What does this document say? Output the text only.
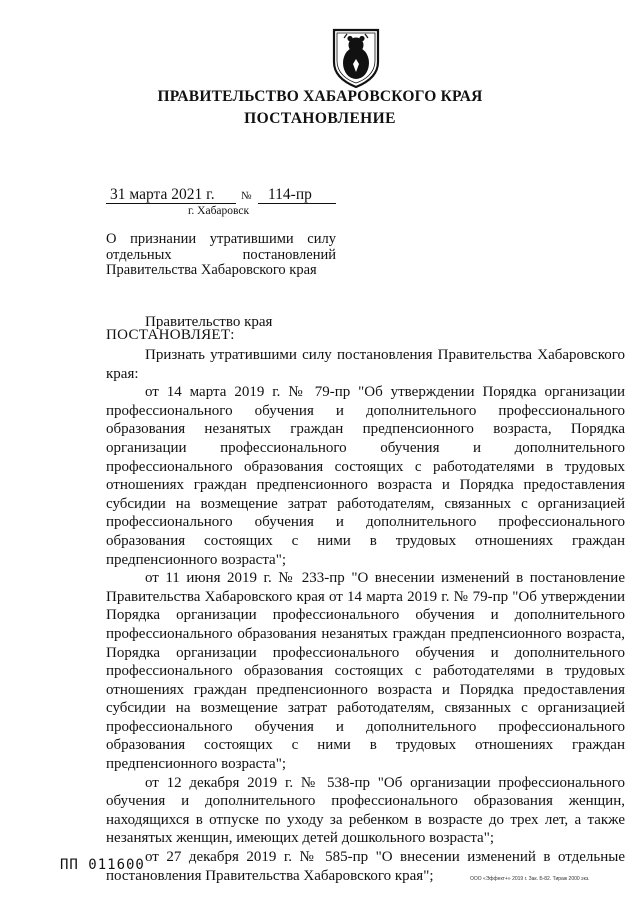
ПРАВИТЕЛЬСТВО ХАБАРОВСКОГО КРАЯ
ПОСТАНОВЛЕНИЕ
31 марта 2021 г. № 114-пр
г. Хабаровск
О признании утратившими силу отдельных постановлений Правительства Хабаровского края
Правительство края
ПОСТАНОВЛЯЕТ:

Признать утратившими силу постановления Правительства Хабаровского края:

от 14 марта 2019 г. № 79-пр "Об утверждении Порядка организации профессионального обучения и дополнительного профессионального образования незанятых граждан предпенсионного возраста, Порядка организации профессионального обучения и дополнительного профессионального образования состоящих с работодателями в трудовых отношениях граждан предпенсионного возраста и Порядка предоставления субсидии на возмещение затрат работодателям, связанных с организацией профессионального обучения и дополнительного профессионального образования состоящих с ними в трудовых отношениях граждан предпенсионного возраста";

от 11 июня 2019 г. № 233-пр "О внесении изменений в постановление Правительства Хабаровского края от 14 марта 2019 г. № 79-пр "Об утверждении Порядка организации профессионального обучения и дополнительного профессионального образования незанятых граждан предпенсионного возраста, Порядка организации профессионального обучения и дополнительного профессионального образования состоящих с работодателями в трудовых отношениях граждан предпенсионного возраста и Порядка предоставления субсидии на возмещение затрат работодателям, связанных с организацией профессионального обучения и дополнительного профессионального образования состоящих с ними в трудовых отношениях граждан предпенсионного возраста";

от 12 декабря 2019 г. № 538-пр "Об организации профессионального обучения и дополнительного профессионального образования женщин, находящихся в отпуске по уходу за ребенком в возрасте до трех лет, а также незанятых женщин, имеющих детей дошкольного возраста";

от 27 декабря 2019 г. № 585-пр "О внесении изменений в отдельные постановления Правительства Хабаровского края";

ПП 011600
ООО «Эффект+» 2019 г. Зак. Б-82. Тираж 2000 экз.
